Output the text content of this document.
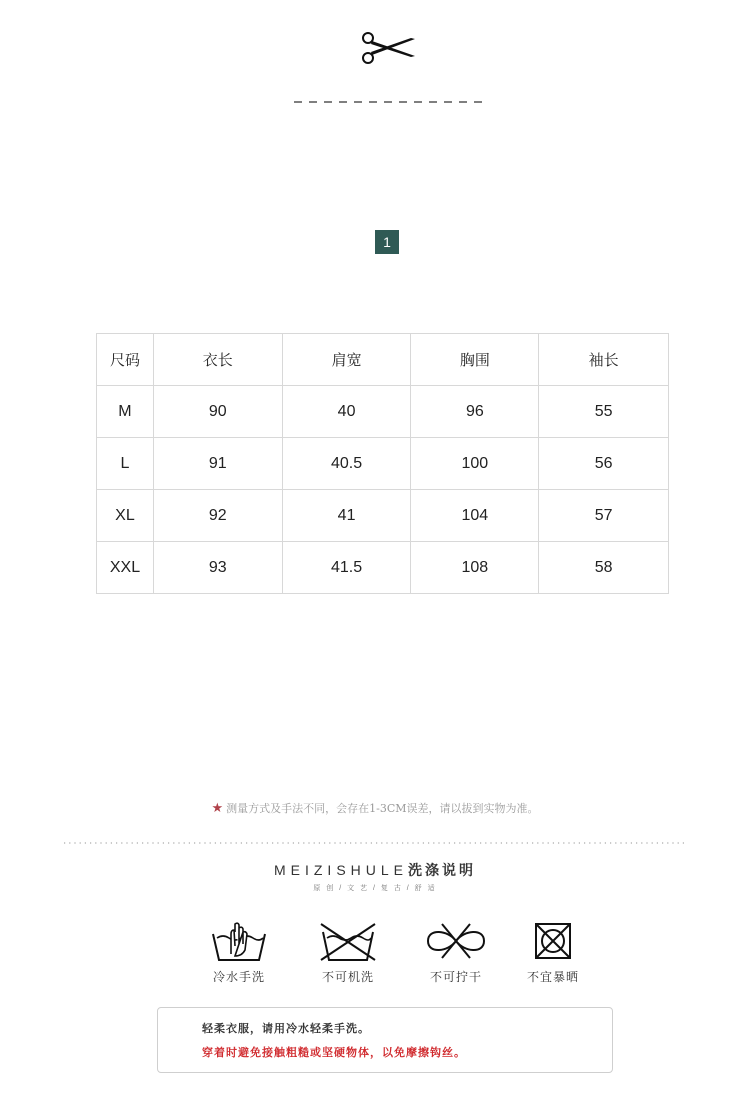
1
尺码	衣长	肩宽	胸围	袖长
M	90	40	96	55
L	91	40.5	100	56
XL	92	41	104	57
XXL	93	41.5	108	58
★ 测量方式及手法不同，会存在1-3CM误差，请以拔到实物为准。
MEIZISHULE洗涤说明
原 创 / 文 艺 / 复 古 / 舒 适
冷水手洗	不可机洗	不可拧干	不宜暴晒
轻柔衣服，请用冷水轻柔手洗。
穿着时避免接触粗糙或坚硬物体，以免摩擦钩丝。
